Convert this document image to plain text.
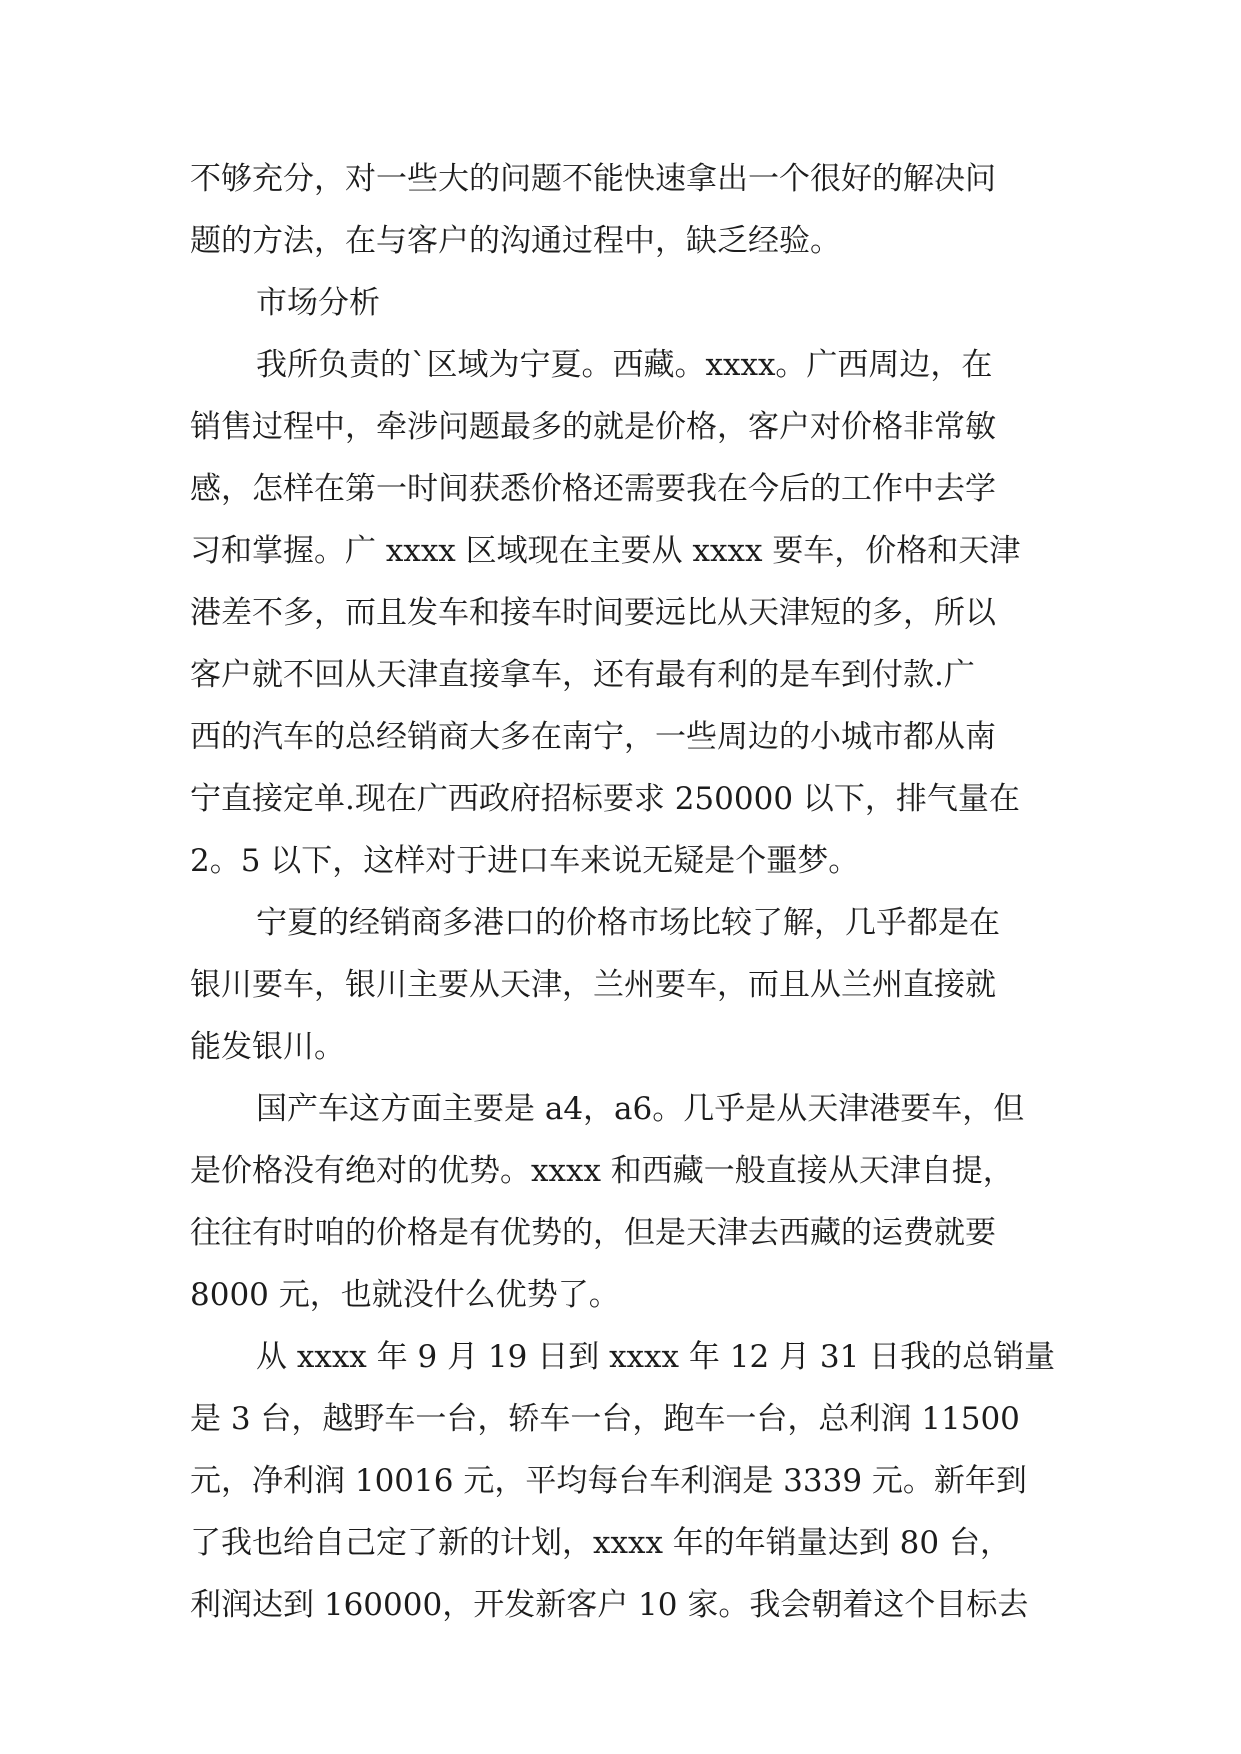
不够充分，对一些大的问题不能快速拿出一个很好的解决问
题的方法，在与客户的沟通过程中，缺乏经验。
市场分析
我所负责的`区域为宁夏。西藏。xxxx。广西周边，在
销售过程中，牵涉问题最多的就是价格，客户对价格非常敏
感，怎样在第一时间获悉价格还需要我在今后的工作中去学
习和掌握。广 xxxx 区域现在主要从 xxxx 要车，价格和天津
港差不多，而且发车和接车时间要远比从天津短的多，所以
客户就不回从天津直接拿车，还有最有利的是车到付款.广
西的汽车的总经销商大多在南宁，一些周边的小城市都从南
宁直接定单.现在广西政府招标要求 250000 以下，排气量在
2。5 以下，这样对于进口车来说无疑是个噩梦。
宁夏的经销商多港口的价格市场比较了解，几乎都是在
银川要车，银川主要从天津，兰州要车，而且从兰州直接就
能发银川。
国产车这方面主要是 a4，a6。几乎是从天津港要车，但
是价格没有绝对的优势。xxxx 和西藏一般直接从天津自提，
往往有时咱的价格是有优势的，但是天津去西藏的运费就要
8000 元，也就没什么优势了。
从 xxxx 年 9 月 19 日到 xxxx 年 12 月 31 日我的总销量
是 3 台，越野车一台，轿车一台，跑车一台，总利润 11500
元，净利润 10016 元，平均每台车利润是 3339 元。新年到
了我也给自己定了新的计划，xxxx 年的年销量达到 80 台，
利润达到 160000，开发新客户 10 家。我会朝着这个目标去
